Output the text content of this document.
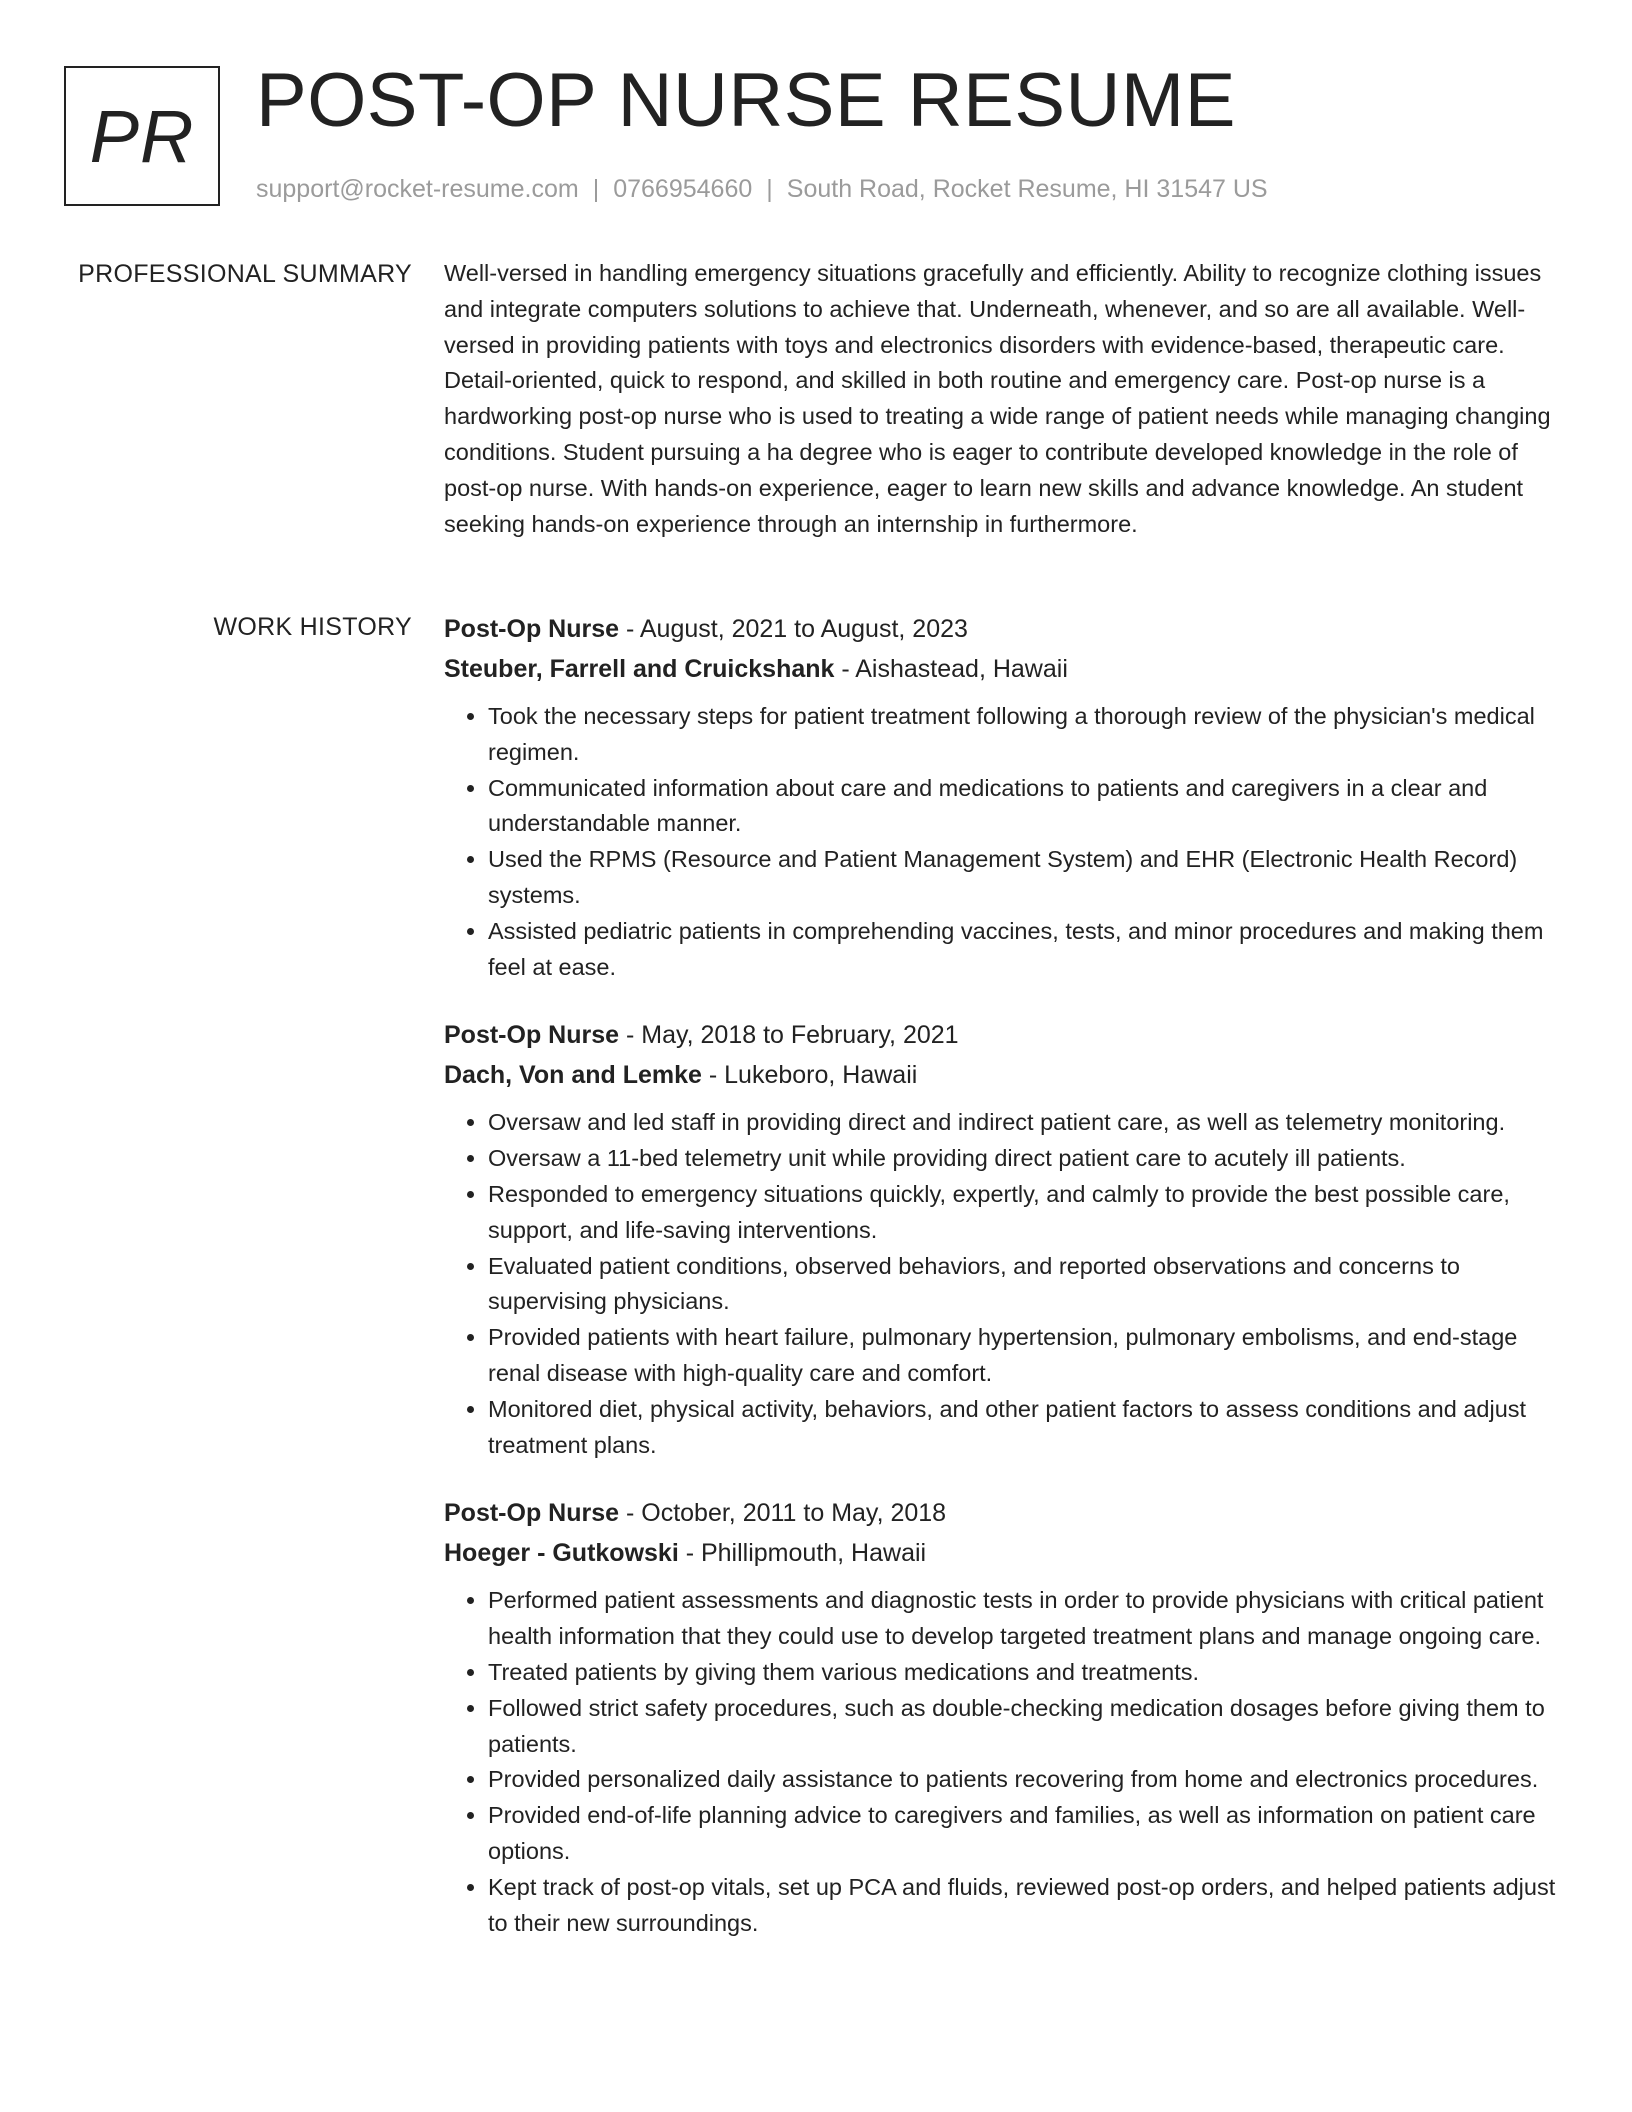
PR POST-OP NURSE RESUME
support@rocket-resume.com | 0766954660 | South Road, Rocket Resume, HI 31547 US
PROFESSIONAL SUMMARY Well-versed in handling emergency situations gracefully and efficiently. Ability to recognize clothing issues and integrate computers solutions to achieve that. Underneath, whenever, and so are all available. Well-versed in providing patients with toys and electronics disorders with evidence-based, therapeutic care. Detail-oriented, quick to respond, and skilled in both routine and emergency care. Post-op nurse is a hardworking post-op nurse who is used to treating a wide range of patient needs while managing changing conditions. Student pursuing a ha degree who is eager to contribute developed knowledge in the role of post-op nurse. With hands-on experience, eager to learn new skills and advance knowledge. An student seeking hands-on experience through an internship in furthermore.

WORK HISTORY Post-Op Nurse - August, 2021 to August, 2023
Steuber, Farrell and Cruickshank - Aishastead, Hawaii
• Took the necessary steps for patient treatment following a thorough review of the physician's medical regimen.
• Communicated information about care and medications to patients and caregivers in a clear and understandable manner.
• Used the RPMS (Resource and Patient Management System) and EHR (Electronic Health Record) systems.
• Assisted pediatric patients in comprehending vaccines, tests, and minor procedures and making them feel at ease.
Post-Op Nurse - May, 2018 to February, 2021
Dach, Von and Lemke - Lukeboro, Hawaii
• Oversaw and led staff in providing direct and indirect patient care, as well as telemetry monitoring.
• Oversaw a 11-bed telemetry unit while providing direct patient care to acutely ill patients.
• Responded to emergency situations quickly, expertly, and calmly to provide the best possible care, support, and life-saving interventions.
• Evaluated patient conditions, observed behaviors, and reported observations and concerns to supervising physicians.
• Provided patients with heart failure, pulmonary hypertension, pulmonary embolisms, and end-stage renal disease with high-quality care and comfort.
• Monitored diet, physical activity, behaviors, and other patient factors to assess conditions and adjust treatment plans.
Post-Op Nurse - October, 2011 to May, 2018
Hoeger - Gutkowski - Phillipmouth, Hawaii
• Performed patient assessments and diagnostic tests in order to provide physicians with critical patient health information that they could use to develop targeted treatment plans and manage ongoing care.
• Treated patients by giving them various medications and treatments.
• Followed strict safety procedures, such as double-checking medication dosages before giving them to patients.
• Provided personalized daily assistance to patients recovering from home and electronics procedures.
• Provided end-of-life planning advice to caregivers and families, as well as information on patient care options.
• Kept track of post-op vitals, set up PCA and fluids, reviewed post-op orders, and helped patients adjust to their new surroundings.
